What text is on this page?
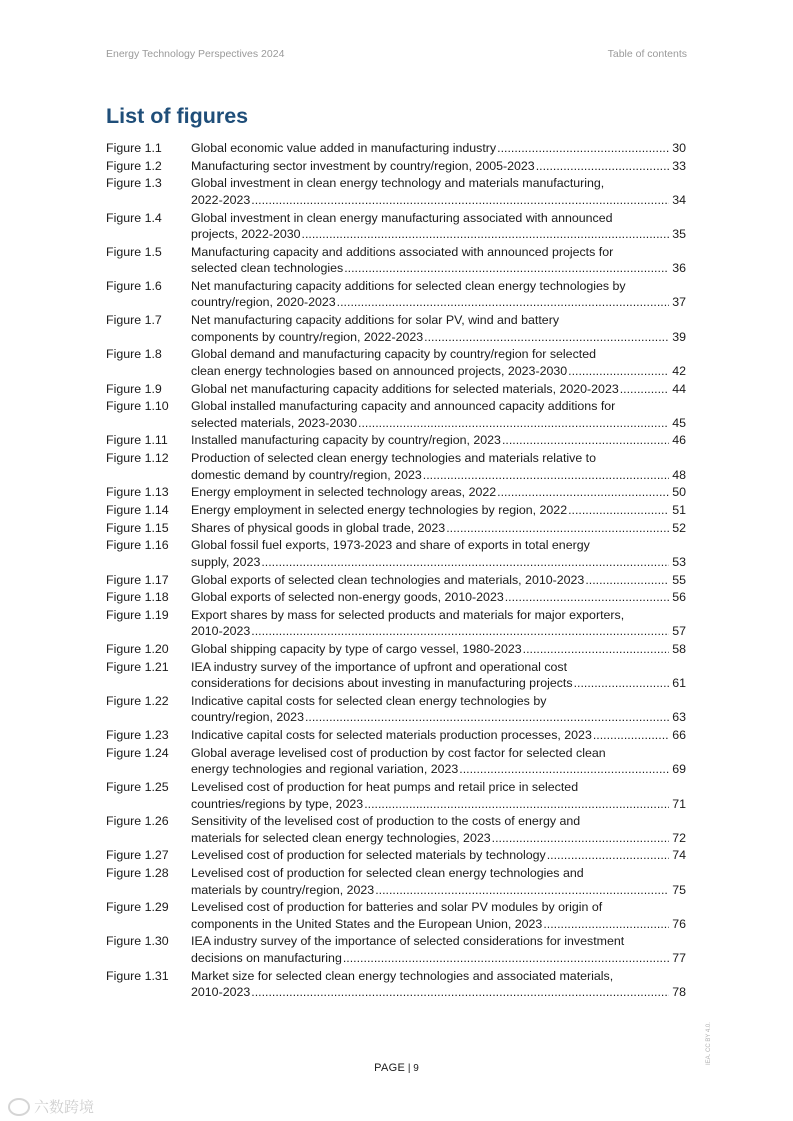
Energy Technology Perspectives 2024	Table of contents
List of figures
Figure 1.1	Global economic value added in manufacturing industry .....	30
Figure 1.2	Manufacturing sector investment by country/region, 2005-2023 .....	33
Figure 1.3	Global investment in clean energy technology and materials manufacturing,
2022-2023 .....	34
Figure 1.4	Global investment in clean energy manufacturing associated with announced
projects, 2022-2030 .....	35
Figure 1.5	Manufacturing capacity and additions associated with announced projects for
selected clean technologies .....	36
Figure 1.6	Net manufacturing capacity additions for selected clean energy technologies by
country/region, 2020-2023 .....	37
Figure 1.7	Net manufacturing capacity additions for solar PV, wind and battery
components by country/region, 2022-2023 .....	39
Figure 1.8	Global demand and manufacturing capacity by country/region for selected
clean energy technologies based on announced projects, 2023-2030 .....	42
Figure 1.9	Global net manufacturing capacity additions for selected materials, 2020-2023 .....	44
Figure 1.10	Global installed manufacturing capacity and announced capacity additions for
selected materials, 2023-2030 .....	45
Figure 1.11	Installed manufacturing capacity by country/region, 2023 .....	46
Figure 1.12	Production of selected clean energy technologies and materials relative to
domestic demand by country/region, 2023 .....	48
Figure 1.13	Energy employment in selected technology areas, 2022 .....	50
Figure 1.14	Energy employment in selected energy technologies by region, 2022 .....	51
Figure 1.15	Shares of physical goods in global trade, 2023 .....	52
Figure 1.16	Global fossil fuel exports, 1973-2023 and share of exports in total energy
supply, 2023 .....	53
Figure 1.17	Global exports of selected clean technologies and materials, 2010-2023 .....	55
Figure 1.18	Global exports of selected non-energy goods, 2010-2023 .....	56
Figure 1.19	Export shares by mass for selected products and materials for major exporters,
2010-2023 .....	57
Figure 1.20	Global shipping capacity by type of cargo vessel, 1980-2023 .....	58
Figure 1.21	IEA industry survey of the importance of upfront and operational cost
considerations for decisions about investing in manufacturing projects .....	61
Figure 1.22	Indicative capital costs for selected clean energy technologies by
country/region, 2023 .....	63
Figure 1.23	Indicative capital costs for selected materials production processes, 2023 .....	66
Figure 1.24	Global average levelised cost of production by cost factor for selected clean
energy technologies and regional variation, 2023 .....	69
Figure 1.25	Levelised cost of production for heat pumps and retail price in selected
countries/regions by type, 2023 .....	71
Figure 1.26	Sensitivity of the levelised cost of production to the costs of energy and
materials for selected clean energy technologies, 2023 .....	72
Figure 1.27	Levelised cost of production for selected materials by technology .....	74
Figure 1.28	Levelised cost of production for selected clean energy technologies and
materials by country/region, 2023 .....	75
Figure 1.29	Levelised cost of production for batteries and solar PV modules by origin of
components in the United States and the European Union, 2023 .....	76
Figure 1.30	IEA industry survey of the importance of selected considerations for investment
decisions on manufacturing .....	77
Figure 1.31	Market size for selected clean energy technologies and associated materials,
2010-2023 .....	78
PAGE | 9
IEA. CC BY 4.0.
六数跨境
